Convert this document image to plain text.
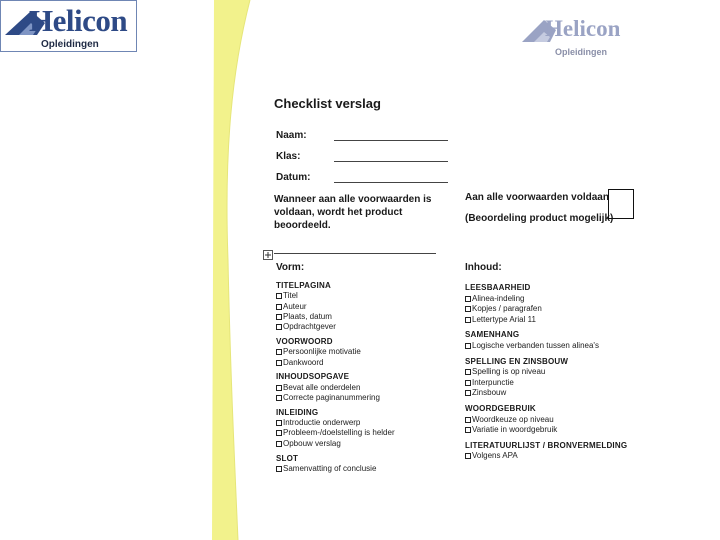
Helicon
Opleidingen
Helicon
Opleidingen
Checklist verslag
Naam:
Klas:
Datum:
Wanneer aan alle voorwaarden is
voldaan, wordt het product
beoordeeld.
Aan alle voorwaarden voldaan
(Beoordeling product mogelijk)
Vorm:	Inhoud:
TITELPAGINA
Titel
Auteur
Plaats, datum
Opdrachtgever
VOORWOORD
Persoonlijke motivatie
Dankwoord
INHOUDSOPGAVE
Bevat alle onderdelen
Correcte paginanummering
INLEIDING
Introductie onderwerp
Probleem-/doelstelling is helder
Opbouw verslag
SLOT
Samenvatting of conclusie
LEESBAARHEID
Alinea-indeling
Kopjes / paragrafen
Lettertype Arial 11
SAMENHANG
Logische verbanden tussen alinea's
SPELLING EN ZINSBOUW
Spelling is op niveau
Interpunctie
Zinsbouw
WOORDGEBRUIK
Woordkeuze op niveau
Variatie in woordgebruik
LITERATUURLIJST / BRONVERMELDING
Volgens APA
